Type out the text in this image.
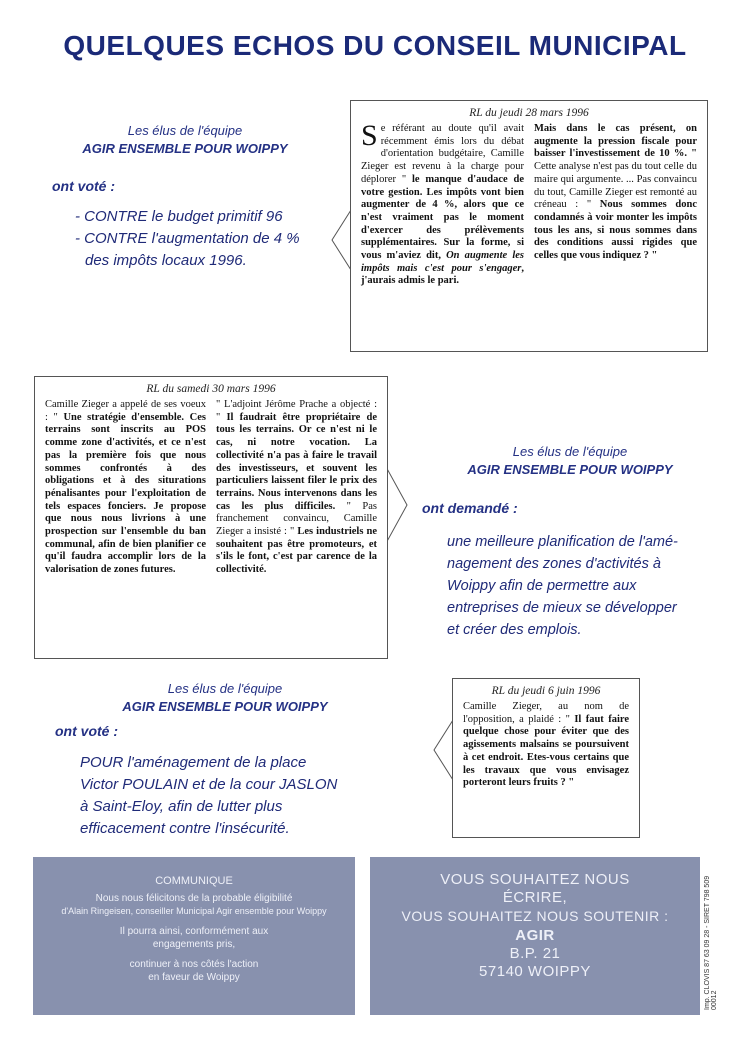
QUELQUES ECHOS DU CONSEIL MUNICIPAL
Les élus de l'équipe
AGIR ENSEMBLE POUR WOIPPY
ont voté :
- CONTRE le budget primitif 96
- CONTRE l'augmentation de 4 %
des impôts locaux 1996.
RL du jeudi 28 mars 1996
Se référant au doute qu'il avait récemment émis lors du débat d'orientation budgétaire, Camille Zieger est revenu à la charge pour déplorer " le manque d'audace de votre gestion. Les impôts vont bien augmenter de 4 %, alors que ce n'est vraiment pas le moment d'exercer des prélèvements supplémentaires. Sur la forme, si vous m'aviez dit, On augmente les impôts mais c'est pour s'engager, j'aurais admis le pari.
Mais dans le cas présent, on augmente la pression fiscale pour baisser l'investissement de 10 %. " Cette analyse n'est pas du tout celle du maire qui argumente. ... Pas convaincu du tout, Camille Zieger est remonté au créneau : " Nous sommes donc condamnés à voir monter les impôts tous les ans, si nous sommes dans des conditions aussi rigides que celles que vous indiquez ? "
RL du samedi 30 mars 1996
Camille Zieger a appelé de ses voeux : " Une stratégie d'ensemble. Ces terrains sont inscrits au POS comme zone d'activités, et ce n'est pas la première fois que nous sommes confrontés à des obligations et à des siturations pénalisantes pour l'exploitation de tels espaces fonciers. Je propose que nous nous livrions à une prospection sur l'ensemble du ban communal, afin de bien planifier ce qu'il faudra accomplir lors de la valorisation de zones futures.
" L'adjoint Jérôme Prache a objecté : " Il faudrait être propriétaire de tous les terrains. Or ce n'est ni le cas, ni notre vocation. La collectivité n'a pas à faire le travail des investisseurs, et souvent les particuliers laissent filer le prix des terrains. Nous intervenons dans les cas les plus difficiles. " Pas franchement convaincu, Camille Zieger a insisté : " Les industriels ne souhaitent pas être promoteurs, et s'ils le font, c'est par carence de la collectivité.
Les élus de l'équipe
AGIR ENSEMBLE POUR WOIPPY
ont demandé :
une meilleure planification de l'amé-
nagement des zones d'activités à
Woippy afin de permettre aux
entreprises de mieux se développer
et créer des emplois.
Les élus de l'équipe
AGIR ENSEMBLE POUR WOIPPY
ont voté :
POUR l'aménagement de la place
Victor POULAIN et de la cour JASLON
à Saint-Eloy, afin de lutter plus
efficacement contre l'insécurité.
RL du jeudi 6 juin 1996
Camille Zieger, au nom de l'opposition, a plaidé : " Il faut faire quelque chose pour éviter que des agissements malsains se poursuivent à cet endroit. Etes-vous certains que les travaux que vous envisagez porteront leurs fruits ? "
COMMUNIQUE
Nous nous félicitons de la probable éligibilité
d'Alain Ringeisen, conseiller Municipal Agir ensemble pour Woippy
Il pourra ainsi, conformément aux
engagements pris,
continuer à nos côtés l'action
en faveur de Woippy
VOUS SOUHAITEZ NOUS
ÉCRIRE,
VOUS SOUHAITEZ NOUS SOUTENIR :
AGIR
B.P. 21
57140 WOIPPY	Imp. CLOVIS 87 63 09 28 - SIRET 798 509 00012
